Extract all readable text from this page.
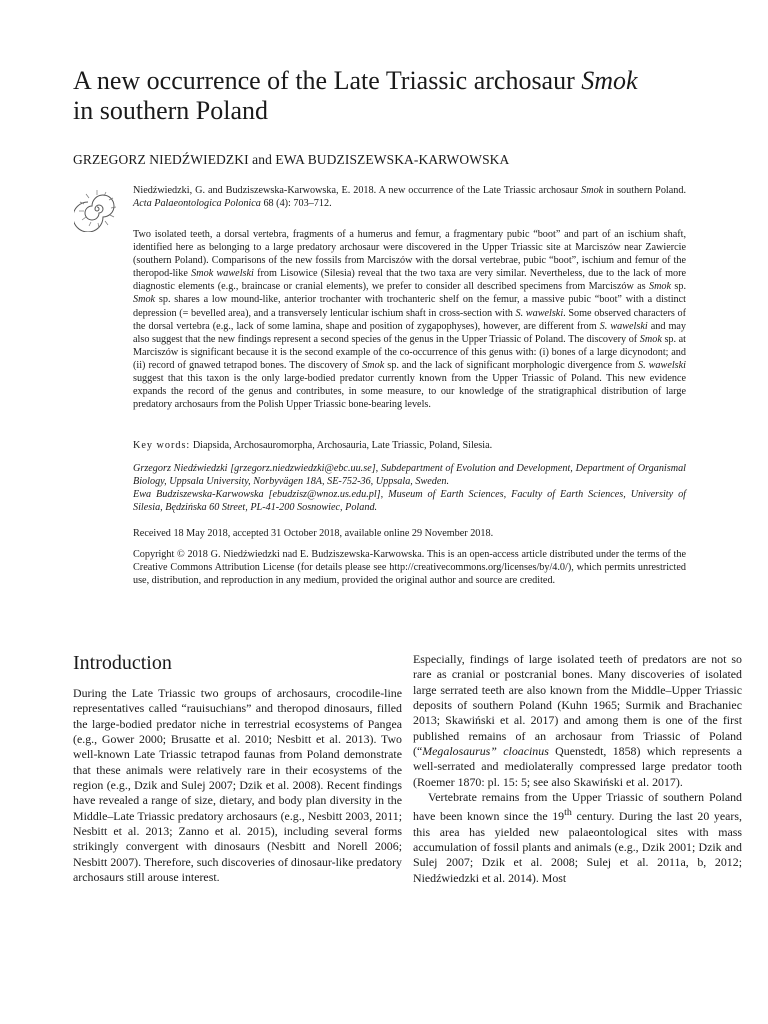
A new occurrence of the Late Triassic archosaur Smok
in southern Poland
GRZEGORZ NIEDŹWIEDZKI and EWA BUDZISZEWSKA-KARWOWSKA
Niedźwiedzki, G. and Budziszewska-Karwowska, E. 2018. A new occurrence of the Late Triassic archosaur Smok in southern Poland. Acta Palaeontologica Polonica 68 (4): 703–712.
Two isolated teeth, a dorsal vertebra, fragments of a humerus and femur, a fragmentary pubic “boot” and part of an ischium shaft, identified here as belonging to a large predatory archosaur were discovered in the Upper Triassic site at Marciszów near Zawiercie (southern Poland). Comparisons of the new fossils from Marciszów with the dorsal vertebrae, pubic “boot”, ischium and femur of the theropod-like Smok wawelski from Lisowice (Silesia) reveal that the two taxa are very similar. Nevertheless, due to the lack of more diagnostic elements (e.g., braincase or cranial elements), we prefer to consider all described specimens from Marciszów as Smok sp. Smok sp. shares a low mound-like, anterior trochanter with trochanteric shelf on the femur, a massive pubic “boot” with a distinct depression (= bevelled area), and a transversely lenticular ischium shaft in cross-section with S. wawelski. Some observed characters of the dorsal vertebra (e.g., lack of some lamina, shape and position of zygapophyses), however, are different from S. wawelski and may also suggest that the new findings represent a second species of the genus in the Upper Triassic of Poland. The discovery of Smok sp. at Marciszów is significant because it is the second example of the co-occurrence of this genus with: (i) bones of a large dicynodont; and (ii) record of gnawed tetrapod bones. The discovery of Smok sp. and the lack of significant morphologic divergence from S. wawelski suggest that this taxon is the only large-bodied predator currently known from the Upper Triassic of Poland. This new evidence expands the record of the genus and contributes, in some measure, to our knowledge of the stratigraphical distribution of large predatory archosaurs from the Polish Upper Triassic bone-bearing levels.
Key words: Diapsida, Archosauromorpha, Archosauria, Late Triassic, Poland, Silesia.

Grzegorz Niedźwiedzki [grzegorz.niedzwiedzki@ebc.uu.se], Subdepartment of Evolution and Development, Department of Organismal Biology, Uppsala University, Norbyvägen 18A, SE-752-36, Uppsala, Sweden.

Ewa Budziszewska-Karwowska [ebudzisz@wnoz.us.edu.pl], Museum of Earth Sciences, Faculty of Earth Sciences, University of Silesia, Będzińska 60 Street, PL-41-200 Sosnowiec, Poland.

Received 18 May 2018, accepted 31 October 2018, available online 29 November 2018.
Copyright © 2018 G. Niedźwiedzki nad E. Budziszewska-Karwowska. This is an open-access article distributed under the terms of the Creative Commons Attribution License (for details please see http://creativecommons.org/licenses/by/4.0/), which permits unrestricted use, distribution, and reproduction in any medium, provided the original author and source are credited.
Introduction

During the Late Triassic two groups of archosaurs, crocodile-line representatives called “rauisuchians” and theropod dinosaurs, filled the large-bodied predator niche in terrestrial ecosystems of Pangea (e.g., Gower 2000; Brusatte et al. 2010; Nesbitt et al. 2013). Two well-known Late Triassic tetrapod faunas from Poland demonstrate that these animals were relatively rare in their ecosystems of the region (e.g., Dzik and Sulej 2007; Dzik et al. 2008). Recent findings have revealed a range of size, dietary, and body plan diversity in the Middle–Late Triassic predatory archosaurs (e.g., Nesbitt 2003, 2011; Nesbitt et al. 2013; Zanno et al. 2015), including several forms strikingly convergent with dinosaurs (Nesbitt and Norell 2006; Nesbitt 2007). Therefore, such discoveries of dinosaur-like predatory archosaurs still arouse interest.

Especially, findings of large isolated teeth of predators are not so rare as cranial or postcranial bones. Many discoveries of isolated large serrated teeth are also known from the Middle–Upper Triassic deposits of southern Poland (Kuhn 1965; Surmik and Brachaniec 2013; Skawiński et al. 2017) and among them is one of the first published remains of an archosaur from Triassic of Poland (“Megalosaurus” cloacinus Quenstedt, 1858) which represents a well-serrated and mediolaterally compressed large predator tooth (Roemer 1870: pl. 15: 5; see also Skawiński et al. 2017).

Vertebrate remains from the Upper Triassic of southern Poland have been known since the 19th century. During the last 20 years, this area has yielded new palaeontological sites with mass accumulation of fossil plants and animals (e.g., Dzik 2001; Dzik and Sulej 2007; Dzik et al. 2008; Sulej et al. 2011a, b, 2012; Niedźwiedzki et al. 2014). Most
